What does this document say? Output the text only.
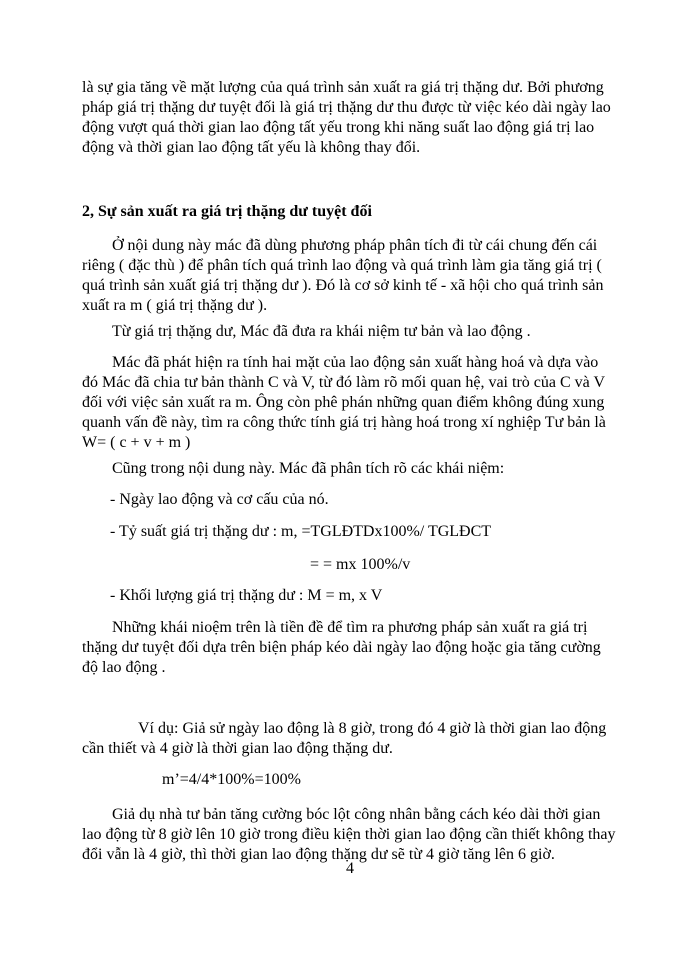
là sự gia tăng về mặt lượng của quá trình sản xuất ra giá trị thặng dư. Bởi phương
pháp giá trị thặng dư tuyệt đối là giá trị thặng dư thu được từ việc kéo dài ngày lao
động vượt quá thời gian lao động tất yếu trong khi năng suất lao động giá trị lao
động và thời gian lao động tất yếu là không thay đổi.

2, Sự sản xuất ra giá trị thặng dư tuyệt đối

Ở nội dung này mác đã dùng phương pháp phân tích đi từ cái chung đến cái
riêng ( đặc thù ) để phân tích quá trình lao động và quá trình làm gia tăng giá trị (
quá trình sản xuất giá trị thặng dư ). Đó là cơ sở kinh tế - xã hội cho quá trình sản
xuất ra m ( giá trị thặng dư ).

Từ giá trị thặng dư, Mác đã đưa ra khái niệm tư bản và lao động .

Mác đã phát hiện ra tính hai mặt của lao động sản xuất hàng hoá và dựa vào
đó Mác đã chia tư bản thành C và V, từ đó làm rõ mối quan hệ, vai trò của C và V
đối với việc sản xuất ra m. Ông còn phê phán những quan điểm không đúng xung
quanh vấn đề này, tìm ra công thức tính giá trị hàng hoá trong xí nghiệp Tư bản là
W= ( c + v + m )

Cũng trong nội dung này. Mác đã phân tích rõ các khái niệm:

- Ngày lao động và cơ cấu của nó.

- Tỷ suất giá trị thặng dư : m, =TGLĐTDx100%/ TGLĐCT

= = mx 100%/v

- Khối lượng giá trị thặng dư : M = m, x V

Những khái nioệm trên là tiền đề để tìm ra phương pháp sản xuất ra giá trị
thặng dư tuyệt đối dựa trên biện pháp kéo dài ngày lao động hoặc gia tăng cường
độ lao động .

Ví dụ: Giả sử ngày lao động là 8 giờ, trong đó 4 giờ là thời gian lao động
cần thiết và 4 giờ là thời gian lao động thặng dư.

m’=4/4*100%=100%

Giả dụ nhà tư bản tăng cường bóc lột công nhân bằng cách kéo dài thời gian
lao động từ 8 giờ lên 10 giờ trong điều kiện thời gian lao động cần thiết không thay
đổi vẫn là 4 giờ, thì thời gian lao động thặng dư sẽ từ 4 giờ tăng lên 6 giờ.

4
